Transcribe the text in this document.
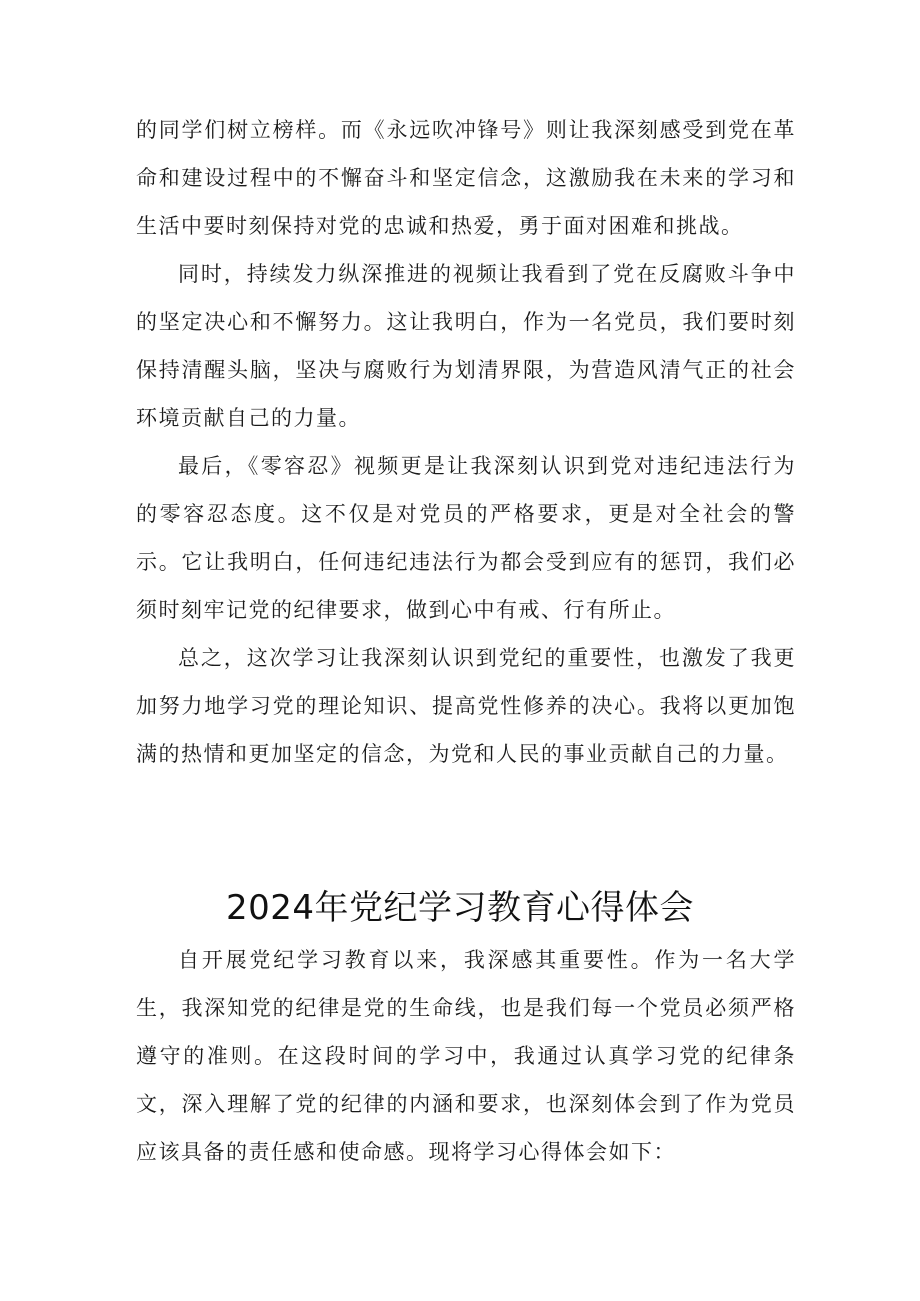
的同学们树立榜样。而《永远吹冲锋号》则让我深刻感受到党在革命和建设过程中的不懈奋斗和坚定信念，这激励我在未来的学习和生活中要时刻保持对党的忠诚和热爱，勇于面对困难和挑战。

同时，持续发力纵深推进的视频让我看到了党在反腐败斗争中的坚定决心和不懈努力。这让我明白，作为一名党员，我们要时刻保持清醒头脑，坚决与腐败行为划清界限，为营造风清气正的社会环境贡献自己的力量。

最后，《零容忍》视频更是让我深刻认识到党对违纪违法行为的零容忍态度。这不仅是对党员的严格要求，更是对全社会的警示。它让我明白，任何违纪违法行为都会受到应有的惩罚，我们必须时刻牢记党的纪律要求，做到心中有戒、行有所止。

总之，这次学习让我深刻认识到党纪的重要性，也激发了我更加努力地学习党的理论知识、提高党性修养的决心。我将以更加饱满的热情和更加坚定的信念，为党和人民的事业贡献自己的力量。

2024年党纪学习教育心得体会

自开展党纪学习教育以来，我深感其重要性。作为一名大学生，我深知党的纪律是党的生命线，也是我们每一个党员必须严格遵守的准则。在这段时间的学习中，我通过认真学习党的纪律条文，深入理解了党的纪律的内涵和要求，也深刻体会到了作为党员应该具备的责任感和使命感。现将学习心得体会如下：
